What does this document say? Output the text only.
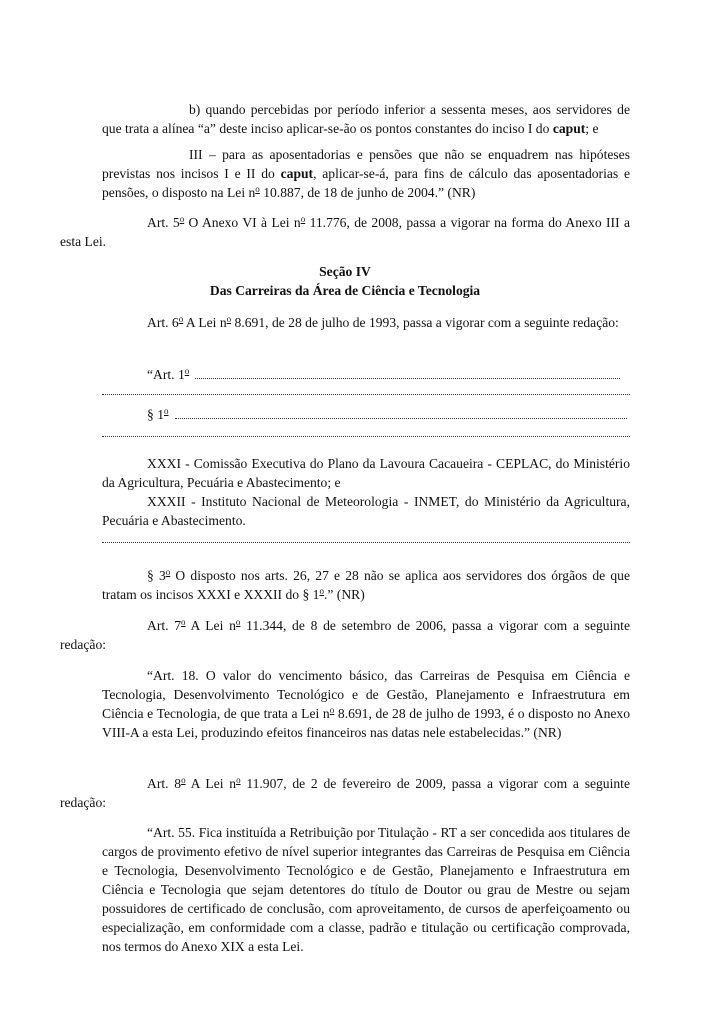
b) quando percebidas por período inferior a sessenta meses, aos servidores de que trata a alínea “a” deste inciso aplicar-se-ão os pontos constantes do inciso I do caput; e

III – para as aposentadorias e pensões que não se enquadrem nas hipóteses previstas nos incisos I e II do caput, aplicar-se-á, para fins de cálculo das aposentadorias e pensões, o disposto na Lei $n^o$ 10.887, de 18 de junho de 2004.” (NR)

Art. 5$^o$ O Anexo VI à Lei $n^o$ 11.776, de 2008, passa a vigorar na forma do Anexo III a esta Lei.

Seção IV

Das Carreiras da Área de Ciência e Tecnologia

Art. 6$^o$ A Lei $n^o$ 8.691, de 28 de julho de 1993, passa a vigorar com a seguinte redação:

“Art. 1$^o$

§ 1$^o$

XXXI - Comissão Executiva do Plano da Lavoura Cacaueira - CEPLAC, do Ministério da Agricultura, Pecuária e Abastecimento; e

XXXII - Instituto Nacional de Meteorologia - INMET, do Ministério da Agricultura, Pecuária e Abastecimento.

§ 3$^o$ O disposto nos arts. 26, 27 e 28 não se aplica aos servidores dos órgãos de que tratam os incisos XXXI e XXXII do § 1$^o$.” (NR)

Art. 7$^o$ A Lei $n^o$ 11.344, de 8 de setembro de 2006, passa a vigorar com a seguinte redação:

“Art. 18. O valor do vencimento básico, das Carreiras de Pesquisa em Ciência e Tecnologia, Desenvolvimento Tecnológico e de Gestão, Planejamento e Infraestrutura em Ciência e Tecnologia, de que trata a Lei $n^o$ 8.691, de 28 de julho de 1993, é o disposto no Anexo VIII-A a esta Lei, produzindo efeitos financeiros nas datas nele estabelecidas.” (NR)

Art. 8$^o$ A Lei $n^o$ 11.907, de 2 de fevereiro de 2009, passa a vigorar com a seguinte redação:

“Art. 55. Fica instituída a Retribuição por Titulação - RT a ser concedida aos titulares de cargos de provimento efetivo de nível superior integrantes das Carreiras de Pesquisa em Ciência e Tecnologia, Desenvolvimento Tecnológico e de Gestão, Planejamento e Infraestrutura em Ciência e Tecnologia que sejam detentores do título de Doutor ou grau de Mestre ou sejam possuidores de certificado de conclusão, com aproveitamento, de cursos de aperfeiçoamento ou especialização, em conformidade com a classe, padrão e titulação ou certificação comprovada, nos termos do Anexo XIX a esta Lei.
